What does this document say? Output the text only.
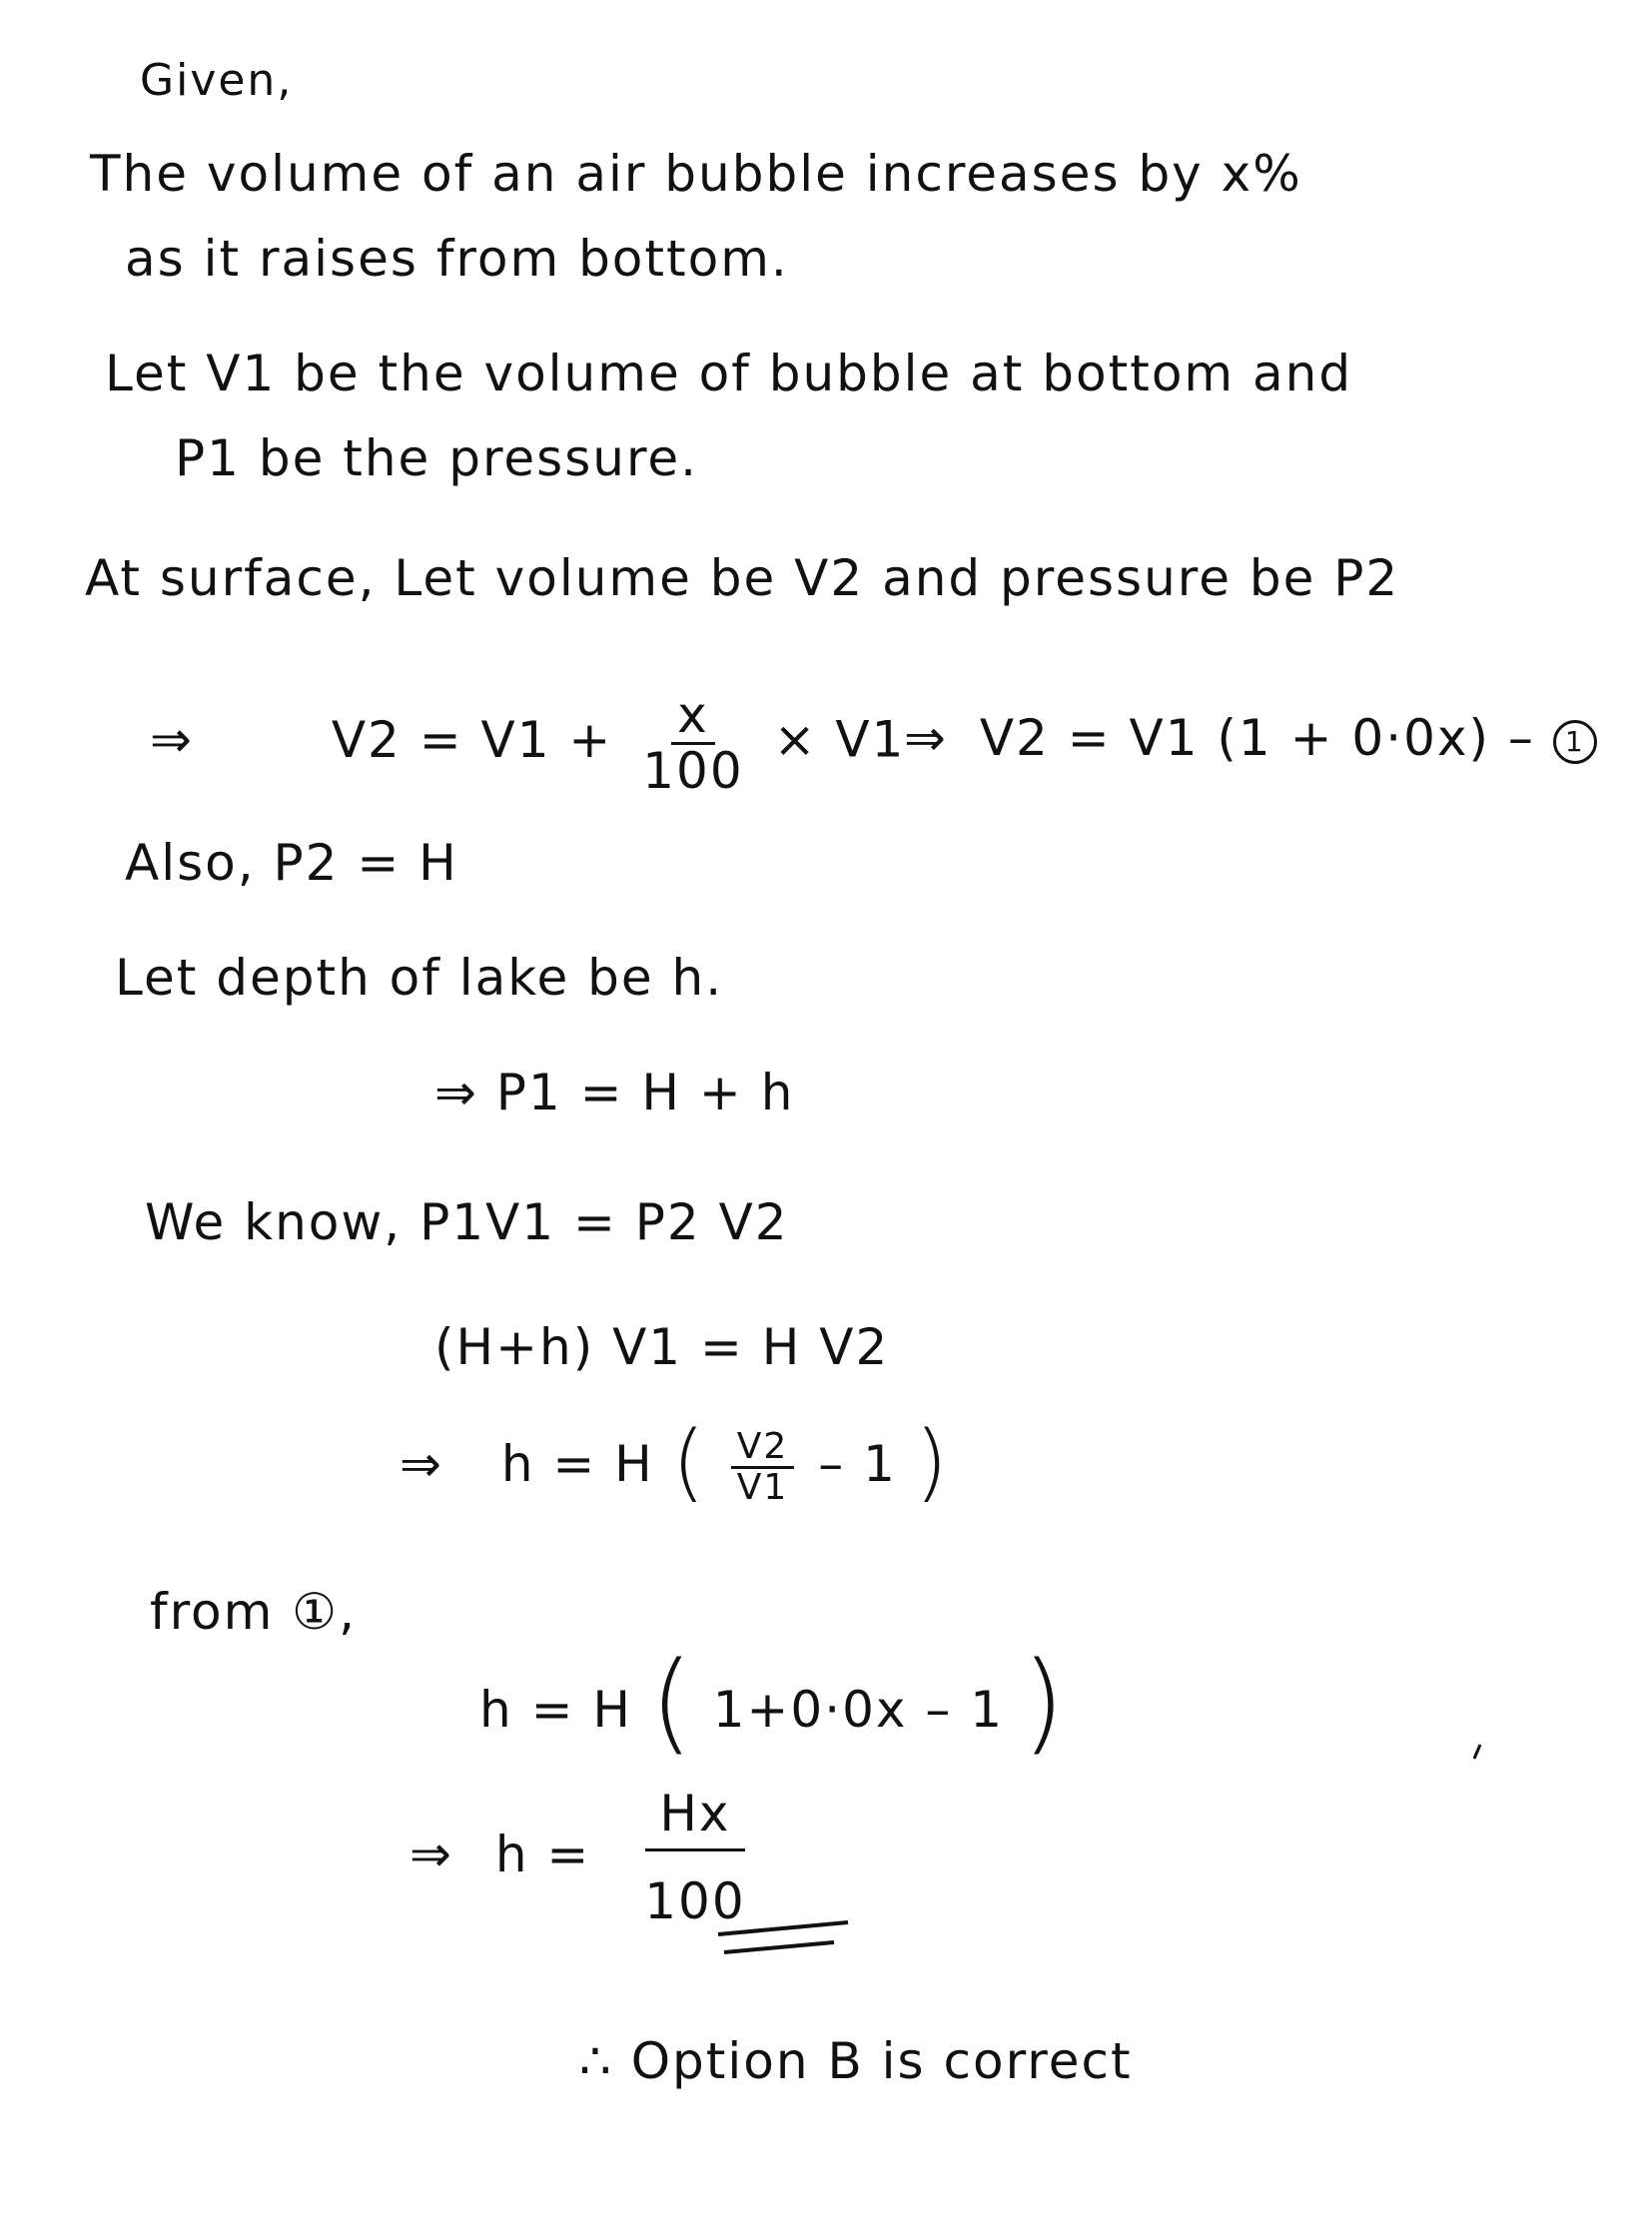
Given,
The volume of an air bubble increases by x%
as it raises from bottom.
Let V1 be the volume of bubble at bottom and
P1 be the pressure.
At surface, Let volume be V2 and pressure be P2
⇒	$V2 = V1 + \frac{x}{100} \times V1$
⇒ V2 = V1 (1 + 0·0x) – 1
Also, P2 = H
Let depth of lake be h.
⇒ P1 = H + h
We know, P1V1 = P2 V2
(H+h) V1 = H V2
⇒ h = H ( $\frac{V2}{V1} - 1$ )
from ①,
h = H ( 1+0·0x – 1 )
⇒ $h = \frac{Hx}{100}$
∴ Option B is correct
